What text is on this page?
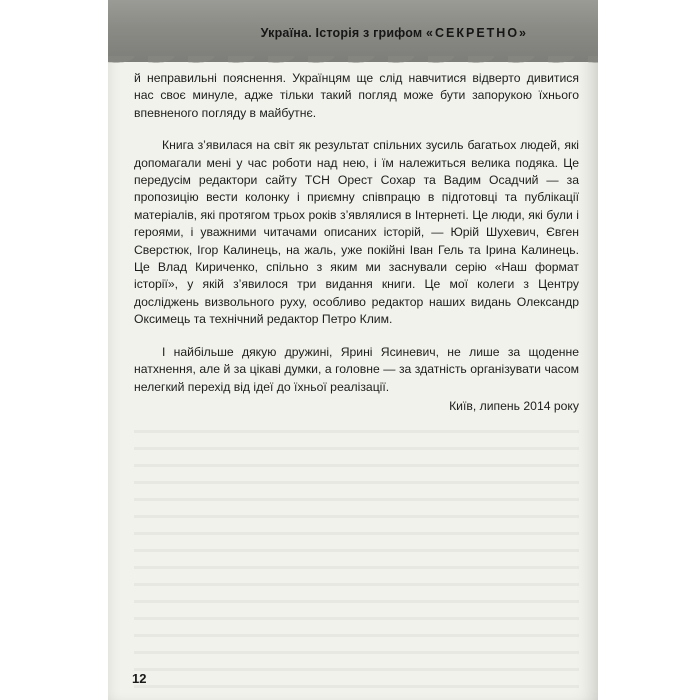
Україна. Історія з грифом «СЕКРЕТНО»

й неправильні пояснення. Українцям ще слід навчитися відверто дивитися нас своє минуле, адже тільки такий погляд може бути запорукою їхнього впевненого погляду в майбутнє.

Книга з’явилася на світ як результат спільних зусиль багатьох людей, які допомагали мені у час роботи над нею, і їм належиться велика подяка. Це передусім редактори сайту ТСН Орест Сохар та Вадим Осадчий — за пропозицію вести колонку і приємну співпрацю в підготовці та публікації матеріалів, які протягом трьох років з’являлися в Інтернеті. Це люди, які були і героями, і уважними читачами описаних історій, — Юрій Шухевич, Євген Сверстюк, Ігор Калинець, на жаль, уже покійні Іван Гель та Ірина Калинець. Це Влад Кириченко, спільно з яким ми заснували серію «Наш формат історії», у якій з’явилося три видання книги. Це мої колеги з Центру досліджень визвольного руху, особливо редактор наших видань Олександр Оксимець та технічний редактор Петро Клим.

І найбільше дякую дружині, Ярині Ясиневич, не лише за щоденне натхнення, але й за цікаві думки, а головне — за здатність організувати часом нелегкий перехід від ідеї до їхньої реалізації.

Київ, липень 2014 року
12
